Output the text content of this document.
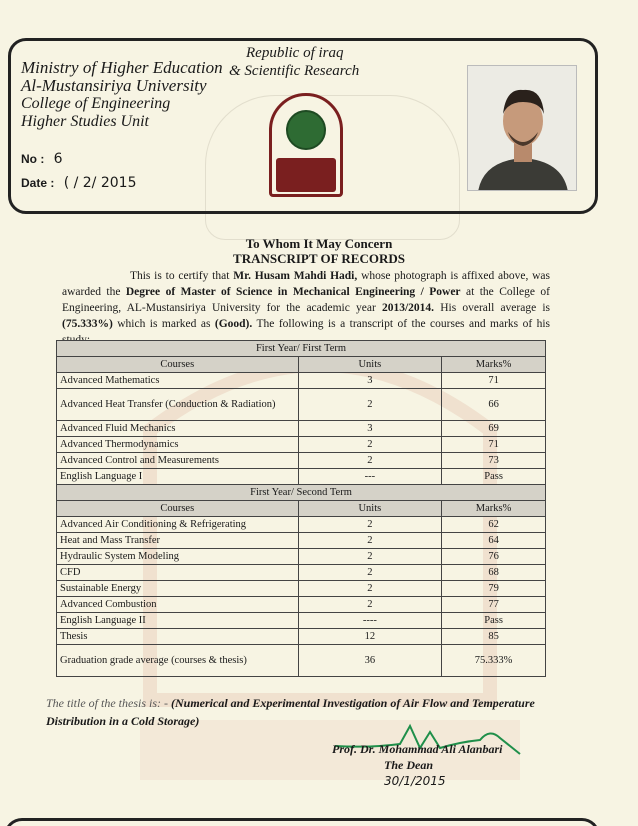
Republic of iraq
& Scientific Research
Ministry of Higher Education
Al-Mustansiriya University
College of Engineering
Higher Studies Unit
No : 6
Date : ( / 2/ 2015
To Whom It May Concern
TRANSCRIPT OF RECORDS
This is to certify that Mr. Husam Mahdi Hadi, whose photograph is affixed above, was awarded the Degree of Master of Science in Mechanical Engineering / Power at the College of Engineering, AL-Mustansiriya University for the academic year 2013/2014. His overall average is (75.333%) which is marked as (Good). The following is a transcript of the courses and marks of his
First Year/ First Term		
Courses	Units	Marks%
Advanced Mathematics	3	71
Advanced Heat Transfer (Conduction & Radiation)	2	66
Advanced Fluid Mechanics	3	69
Advanced Thermodynamics	2	71
Advanced Control and Measurements	2	73
English Language I	---	Pass
First Year/ Second Term		
Courses	Units	Marks%
Advanced Air Conditioning & Refrigerating	2	62
Heat and Mass Transfer	2	64
Hydraulic System Modeling	2	76
CFD	2	68
Sustainable Energy	2	79
Advanced Combustion	2	77
English Language II	----	Pass
Thesis	12	85
Graduation grade average (courses & thesis)	36	75.333%
The title of the thesis is: - (Numerical and Experimental Investigation of Air Flow and Temperature Distribution in a Cold Storage)
Prof. Dr. Mohammad Ali Alanbari
The Dean
30/1/2015
